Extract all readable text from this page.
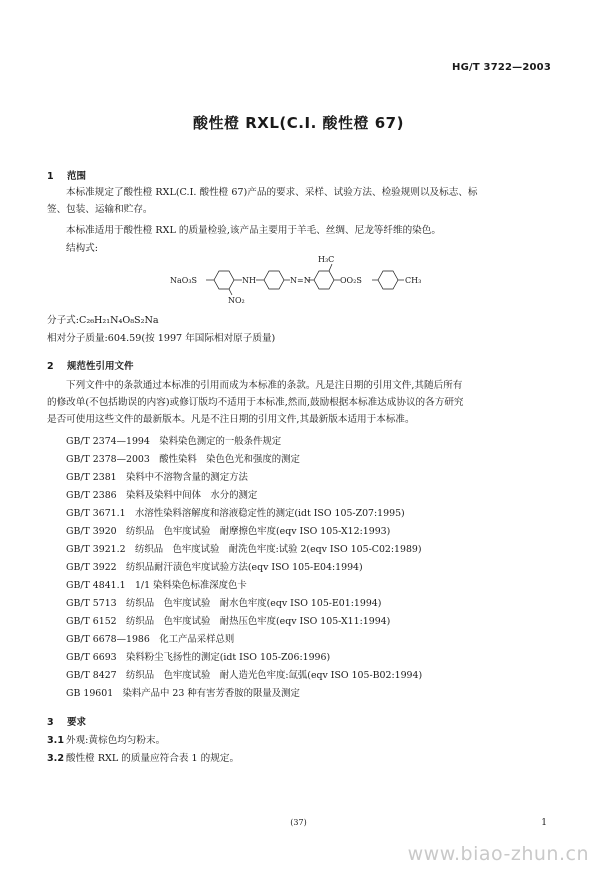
HG/T 3722—2003
酸性橙 RXL(C.I. 酸性橙 67)
1 范围
本标准规定了酸性橙 RXL(C.I. 酸性橙 67)产品的要求、采样、试验方法、检验规则以及标志、标
签、包装、运输和贮存。
本标准适用于酸性橙 RXL 的质量检验,该产品主要用于羊毛、丝绸、尼龙等纤维的染色。
结构式:
NaO₃S	NH
NO₂
N=N
H₃C
OO₂S	CH₃
分子式:C₂₆H₂₁N₄O₈S₂Na
相对分子质量:604.59(按 1997 年国际相对原子质量)
2 规范性引用文件
下列文件中的条款通过本标准的引用而成为本标准的条款。凡是注日期的引用文件,其随后所有
的修改单(不包括勘误的内容)或修订版均不适用于本标准,然而,鼓励根据本标准达成协议的各方研究
是否可使用这些文件的最新版本。凡是不注日期的引用文件,其最新版本适用于本标准。
GB/T 2374—1994　染料染色测定的一般条件规定
GB/T 2378—2003　酸性染料　染色色光和强度的测定
GB/T 2381　染料中不溶物含量的测定方法
GB/T 2386　染料及染料中间体　水分的测定
GB/T 3671.1　水溶性染料溶解度和溶液稳定性的测定(idt ISO 105-Z07:1995)
GB/T 3920　纺织品　色牢度试验　耐摩擦色牢度(eqv ISO 105-X12:1993)
GB/T 3921.2　纺织品　色牢度试验　耐洗色牢度:试验 2(eqv ISO 105-C02:1989)
GB/T 3922　纺织品耐汗渍色牢度试验方法(eqv ISO 105-E04:1994)
GB/T 4841.1　1/1 染料染色标准深度色卡
GB/T 5713　纺织品　色牢度试验　耐水色牢度(eqv ISO 105-E01:1994)
GB/T 6152　纺织品　色牢度试验　耐热压色牢度(eqv ISO 105-X11:1994)
GB/T 6678—1986　化工产品采样总则
GB/T 6693　染料粉尘飞扬性的测定(idt ISO 105-Z06:1996)
GB/T 8427　纺织品　色牢度试验　耐人造光色牢度:氙弧(eqv ISO 105-B02:1994)
GB 19601　染料产品中 23 种有害芳香胺的限量及测定
3 要求
3.1 外观:黄棕色均匀粉末。
3.2 酸性橙 RXL 的质量应符合表 1 的规定。
(37)	1
www.biao-zhun.cn
